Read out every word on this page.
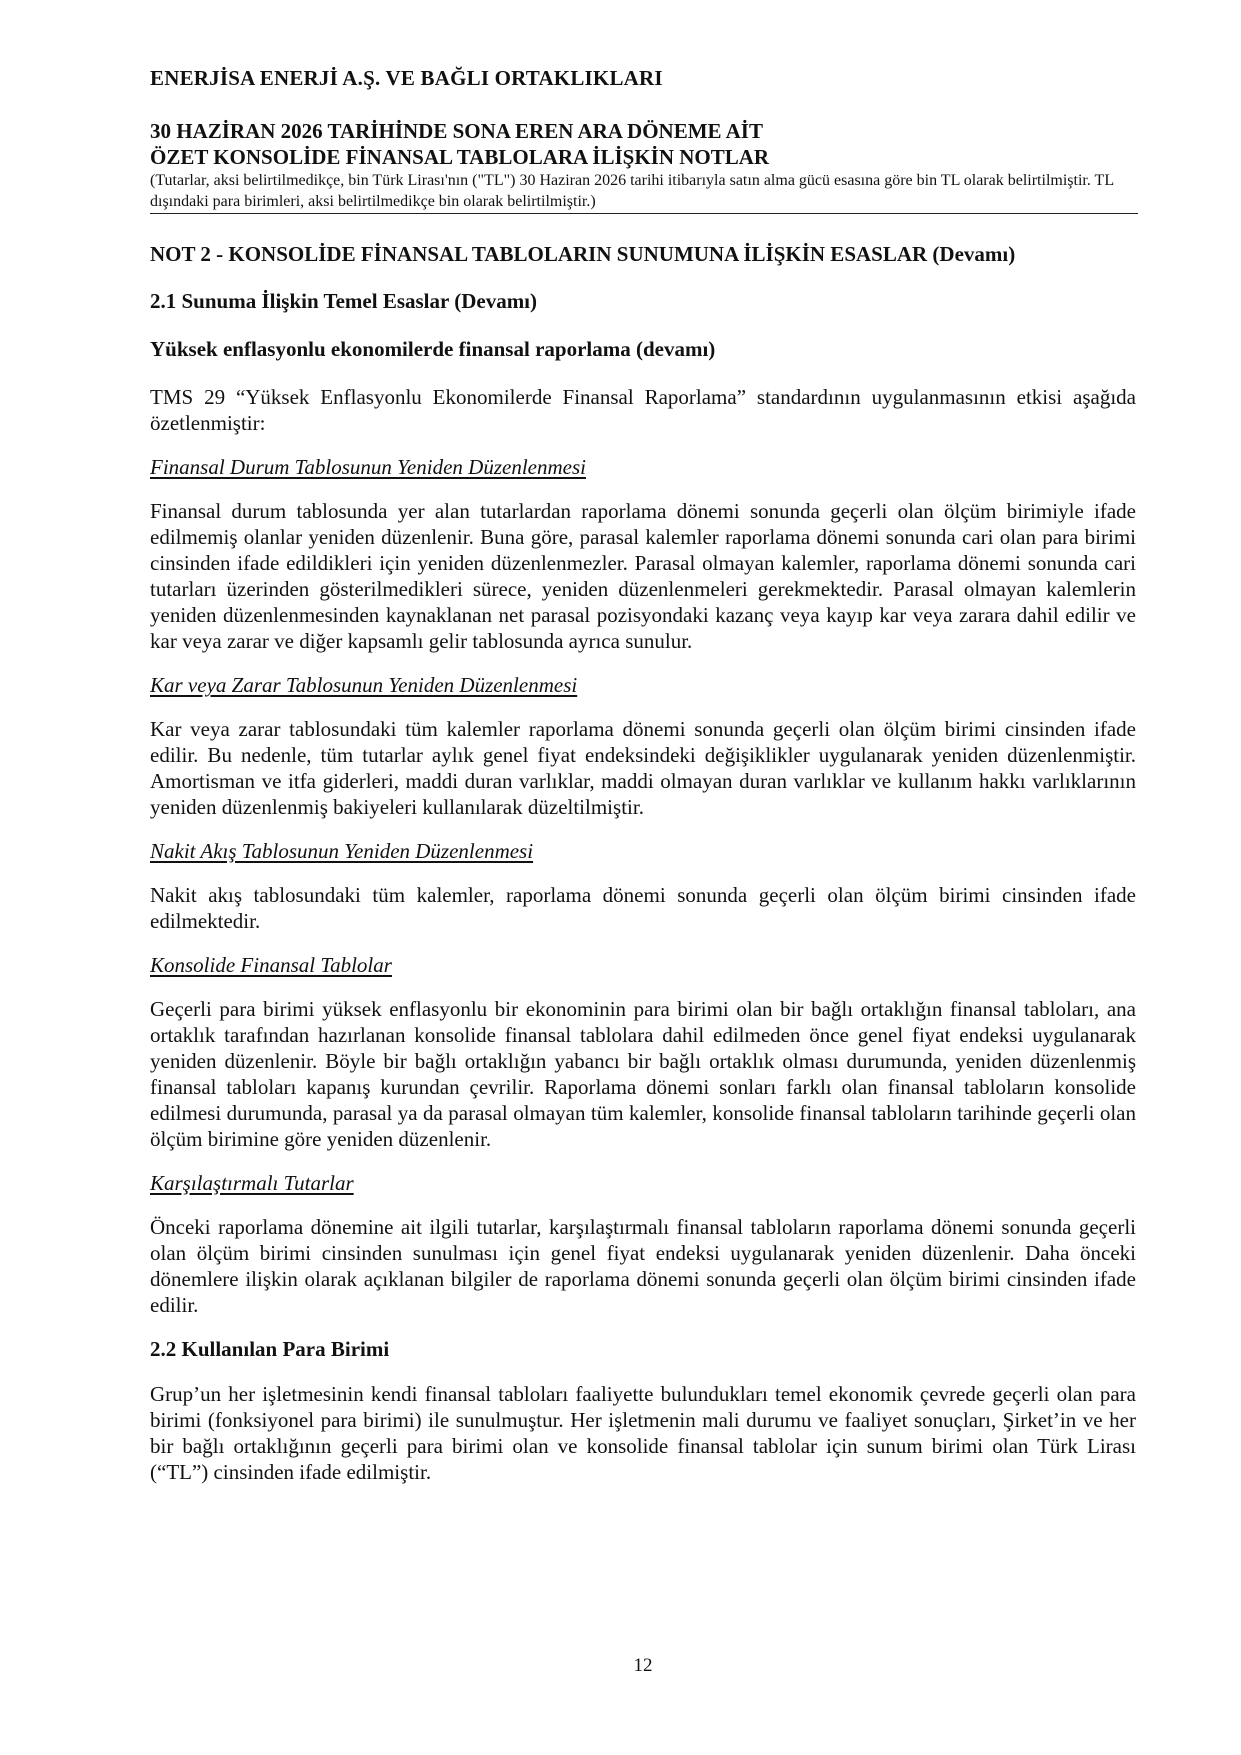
ENERJİSA ENERJİ A.Ş. VE BAĞLI ORTAKLIKLARI
30 HAZİRAN 2026 TARİHİNDE SONA EREN ARA DÖNEME AİT
ÖZET KONSOLİDE FİNANSAL TABLOLARA İLİŞKİN NOTLAR
(Tutarlar, aksi belirtilmedikçe, bin Türk Lirası'nın ("TL") 30 Haziran 2026 tarihi itibarıyla satın alma gücü esasına göre bin TL olarak belirtilmiştir. TL dışındaki para birimleri, aksi belirtilmedikçe bin olarak belirtilmiştir.)
NOT 2 - KONSOLİDE FİNANSAL TABLOLARIN SUNUMUNA İLİŞKİN ESASLAR (Devamı)
2.1 Sunuma İlişkin Temel Esaslar (Devamı)
Yüksek enflasyonlu ekonomilerde finansal raporlama (devamı)

TMS 29 “Yüksek Enflasyonlu Ekonomilerde Finansal Raporlama” standardının uygulanmasının etkisi aşağıda özetlenmiştir:

Finansal Durum Tablosunun Yeniden Düzenlenmesi

Finansal durum tablosunda yer alan tutarlardan raporlama dönemi sonunda geçerli olan ölçüm birimiyle ifade edilmemiş olanlar yeniden düzenlenir. Buna göre, parasal kalemler raporlama dönemi sonunda cari olan para birimi cinsinden ifade edildikleri için yeniden düzenlenmezler. Parasal olmayan kalemler, raporlama dönemi sonunda cari tutarları üzerinden gösterilmedikleri sürece, yeniden düzenlenmeleri gerekmektedir. Parasal olmayan kalemlerin yeniden düzenlenmesinden kaynaklanan net parasal pozisyondaki kazanç veya kayıp kar veya zarara dahil edilir ve kar veya zarar ve diğer kapsamlı gelir tablosunda ayrıca sunulur.

Kar veya Zarar Tablosunun Yeniden Düzenlenmesi

Kar veya zarar tablosundaki tüm kalemler raporlama dönemi sonunda geçerli olan ölçüm birimi cinsinden ifade edilir. Bu nedenle, tüm tutarlar aylık genel fiyat endeksindeki değişiklikler uygulanarak yeniden düzenlenmiştir. Amortisman ve itfa giderleri, maddi duran varlıklar, maddi olmayan duran varlıklar ve kullanım hakkı varlıklarının yeniden düzenlenmiş bakiyeleri kullanılarak düzeltilmiştir.

Nakit Akış Tablosunun Yeniden Düzenlenmesi

Nakit akış tablosundaki tüm kalemler, raporlama dönemi sonunda geçerli olan ölçüm birimi cinsinden ifade edilmektedir.

Konsolide Finansal Tablolar

Geçerli para birimi yüksek enflasyonlu bir ekonominin para birimi olan bir bağlı ortaklığın finansal tabloları, ana ortaklık tarafından hazırlanan konsolide finansal tablolara dahil edilmeden önce genel fiyat endeksi uygulanarak yeniden düzenlenir. Böyle bir bağlı ortaklığın yabancı bir bağlı ortaklık olması durumunda, yeniden düzenlenmiş finansal tabloları kapanış kurundan çevrilir. Raporlama dönemi sonları farklı olan finansal tabloların konsolide edilmesi durumunda, parasal ya da parasal olmayan tüm kalemler, konsolide finansal tabloların tarihinde geçerli olan ölçüm birimine göre yeniden düzenlenir.

Karşılaştırmalı Tutarlar

Önceki raporlama dönemine ait ilgili tutarlar, karşılaştırmalı finansal tabloların raporlama dönemi sonunda geçerli olan ölçüm birimi cinsinden sunulması için genel fiyat endeksi uygulanarak yeniden düzenlenir. Daha önceki dönemlere ilişkin olarak açıklanan bilgiler de raporlama dönemi sonunda geçerli olan ölçüm birimi cinsinden ifade edilir.

2.2 Kullanılan Para Birimi

Grup’un her işletmesinin kendi finansal tabloları faaliyette bulundukları temel ekonomik çevrede geçerli olan para birimi (fonksiyonel para birimi) ile sunulmuştur. Her işletmenin mali durumu ve faaliyet sonuçları, Şirket’in ve her bir bağlı ortaklığının geçerli para birimi olan ve konsolide finansal tablolar için sunum birimi olan Türk Lirası (“TL”) cinsinden ifade edilmiştir.

12
